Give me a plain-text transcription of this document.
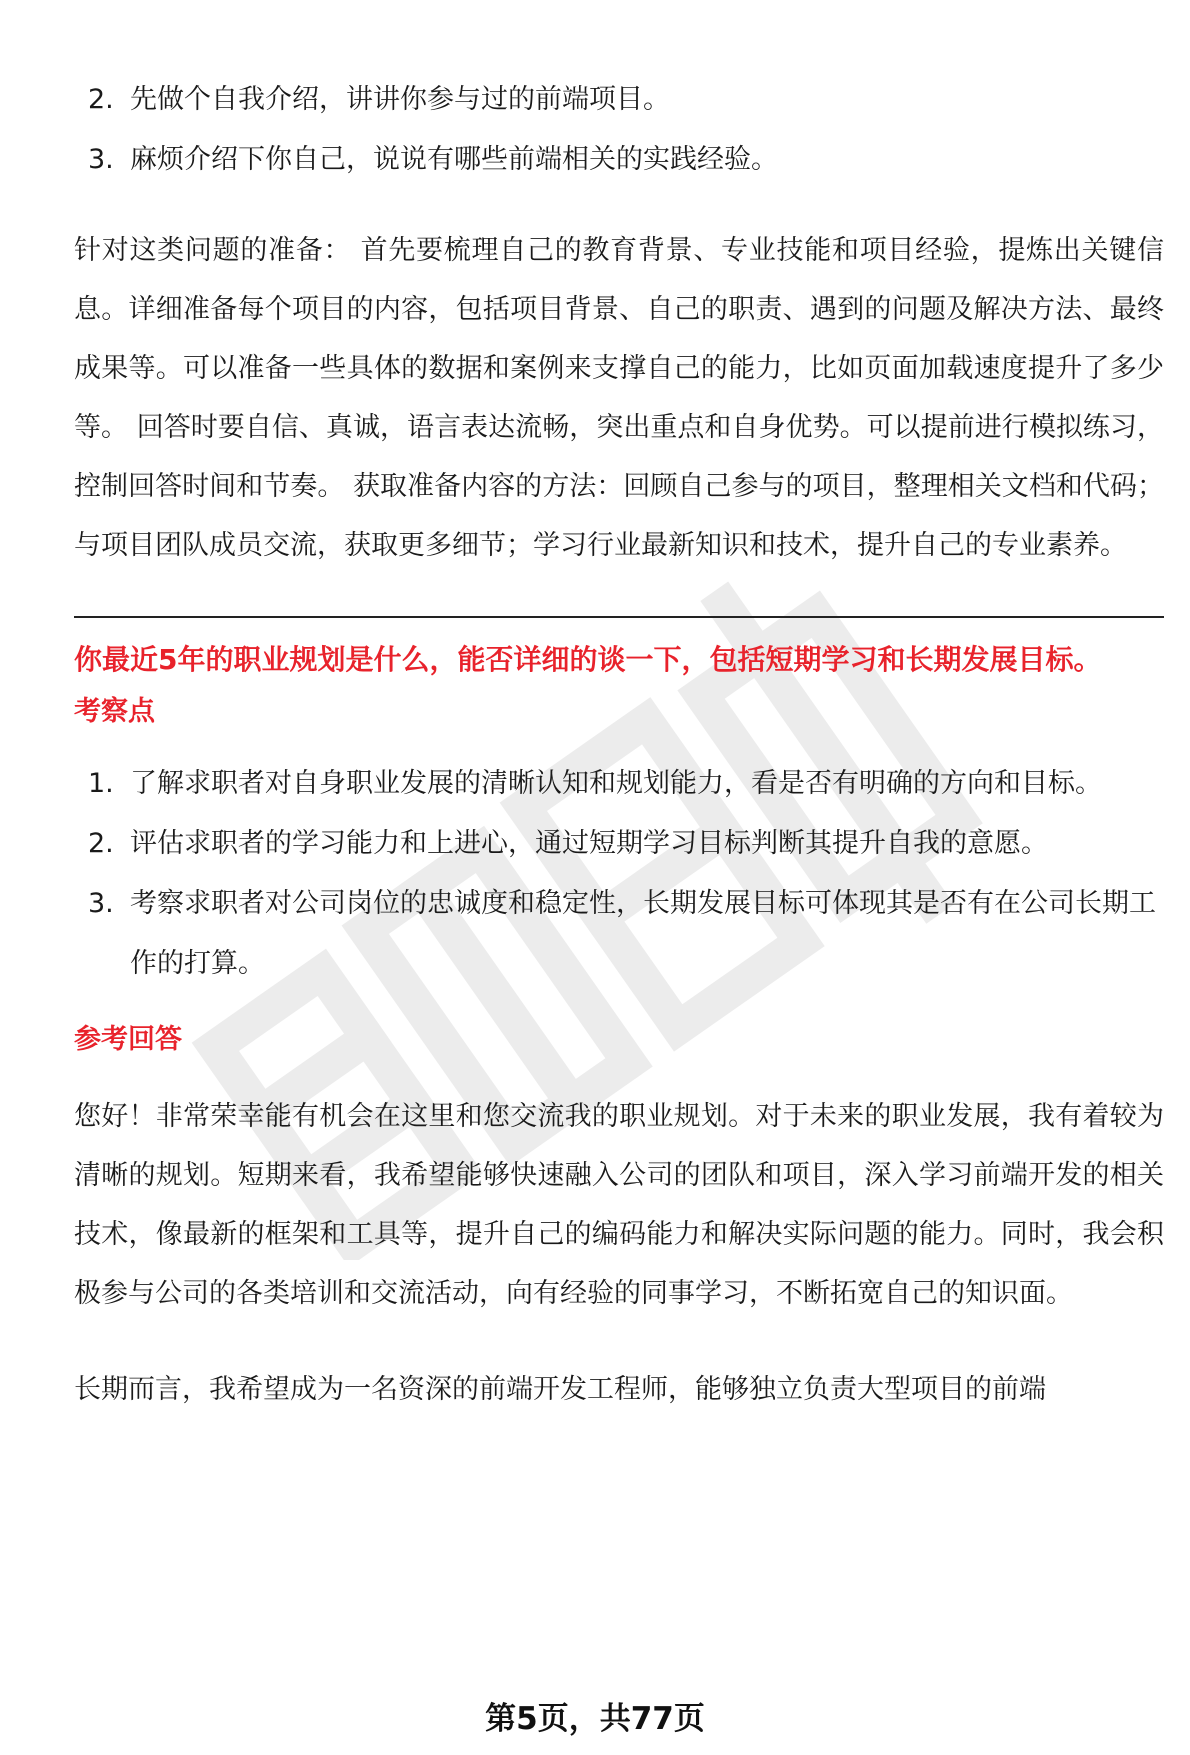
2. 先做个自我介绍，讲讲你参与过的前端项目。
3. 麻烦介绍下你自己，说说有哪些前端相关的实践经验。

针对这类问题的准备： 首先要梳理自己的教育背景、专业技能和项目经验，提炼出关键信息。详细准备每个项目的内容，包括项目背景、自己的职责、遇到的问题及解决方法、最终成果等。可以准备一些具体的数据和案例来支撑自己的能力，比如页面加载速度提升了多少等。 回答时要自信、真诚，语言表达流畅，突出重点和自身优势。可以提前进行模拟练习，控制回答时间和节奏。 获取准备内容的方法：回顾自己参与的项目，整理相关文档和代码；与项目团队成员交流，获取更多细节；学习行业最新知识和技术，提升自己的专业素养。

你最近5年的职业规划是什么，能否详细的谈一下，包括短期学习和长期发展目标。

考察点

1. 了解求职者对自身职业发展的清晰认知和规划能力，看是否有明确的方向和目标。
2. 评估求职者的学习能力和上进心，通过短期学习目标判断其提升自我的意愿。
3. 考察求职者对公司岗位的忠诚度和稳定性，长期发展目标可体现其是否有在公司长期工作的打算。

参考回答

您好！非常荣幸能有机会在这里和您交流我的职业规划。对于未来的职业发展，我有着较为清晰的规划。短期来看，我希望能够快速融入公司的团队和项目，深入学习前端开发的相关技术，像最新的框架和工具等，提升自己的编码能力和解决实际问题的能力。同时，我会积极参与公司的各类培训和交流活动，向有经验的同事学习，不断拓宽自己的知识面。

长期而言，我希望成为一名资深的前端开发工程师，能够独立负责大型项目的前端

第5页，共77页
